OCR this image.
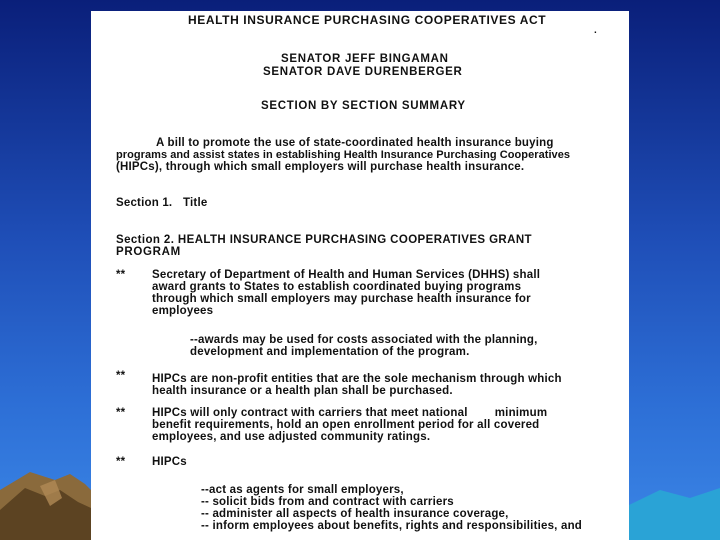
HEALTH INSURANCE PURCHASING COOPERATIVES ACT
.
SENATOR JEFF BINGAMAN
SENATOR DAVE DURENBERGER
SECTION BY SECTION SUMMARY
A bill to promote the use of state-coordinated health insurance buying
programs and assist states in establishing Health Insurance Purchasing Cooperatives
(HIPCs), through which small employers will purchase health insurance.
Section 1. Title
Section 2. HEALTH INSURANCE PURCHASING COOPERATIVES GRANT
PROGRAM
** Secretary of Department of Health and Human Services (DHHS) shall
award grants to States to establish coordinated buying programs
through which small employers may purchase health insurance for
employees
--awards may be used for costs associated with the planning,
development and implementation of the program.
** HIPCs are non-profit entities that are the sole mechanism through which
health insurance or a health plan shall be purchased.
** HIPCs will only contract with carriers that meet national        minimum
benefit requirements, hold an open enrollment period for all covered
employees, and use adjusted community ratings.
** HIPCs
--act as agents for small employers,
-- solicit bids from and contract with carriers
-- administer all aspects of health insurance coverage,
-- inform employees about benefits, rights and responsibilities, and
